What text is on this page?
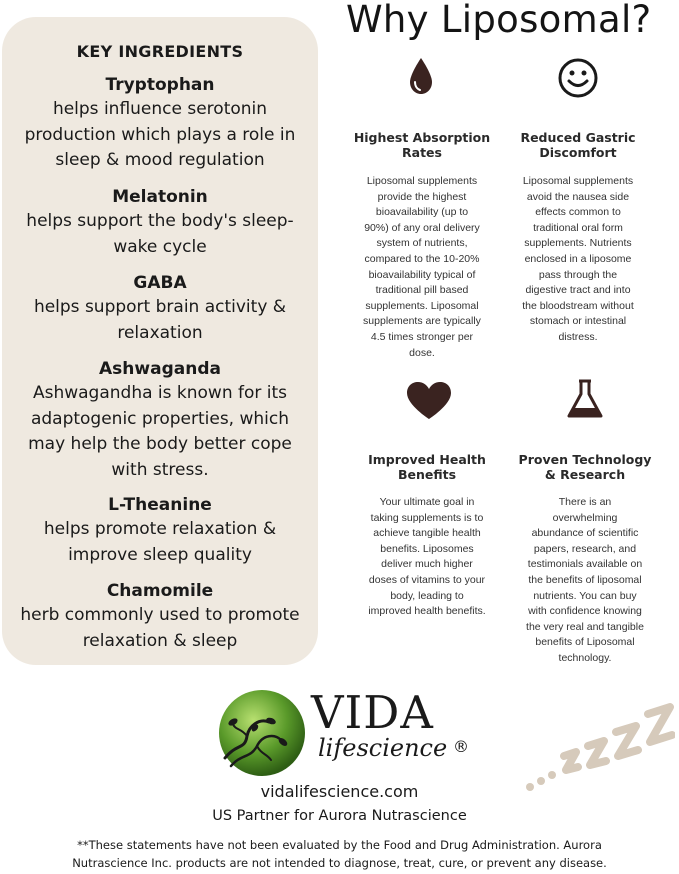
KEY INGREDIENTS
Tryptophan
helps influence serotonin
production which plays a role in
sleep & mood regulation
Melatonin
helps support the body's sleep-
wake cycle
GABA
helps support brain activity &
relaxation
Ashwaganda
Ashwagandha is known for its
adaptogenic properties, which
may help the body better cope
with stress.
L-Theanine
helps promote relaxation &
improve sleep quality
Chamomile
herb commonly used to promote
relaxation & sleep
Why Liposomal?
Highest Absorption
Rates
Liposomal supplements
provide the highest
bioavailability (up to
90%) of any oral delivery
system of nutrients,
compared to the 10-20%
bioavailability typical of
traditional pill based
supplements. Liposomal
supplements are typically
4.5 times stronger per
dose.
Reduced Gastric
Discomfort
Liposomal supplements
avoid the nausea side
effects common to
traditional oral form
supplements. Nutrients
enclosed in a liposome
pass through the
digestive tract and into
the bloodstream without
stomach or intestinal
distress.
Improved Health
Benefits
Your ultimate goal in
taking supplements is to
achieve tangible health
benefits. Liposomes
deliver much higher
doses of vitamins to your
body, leading to
improved health benefits.
Proven Technology
& Research
There is an
overwhelming
abundance of scientific
papers, research, and
testimonials available on
the benefits of liposomal
nutrients. You can buy
with confidence knowing
the very real and tangible
benefits of Liposomal
technology.
VIDA
lifescience ®
vidalifescience.com
US Partner for Aurora Nutrascience
**These statements have not been evaluated by the Food and Drug Administration. Aurora
Nutrascience Inc. products are not intended to diagnose, treat, cure, or prevent any disease.
